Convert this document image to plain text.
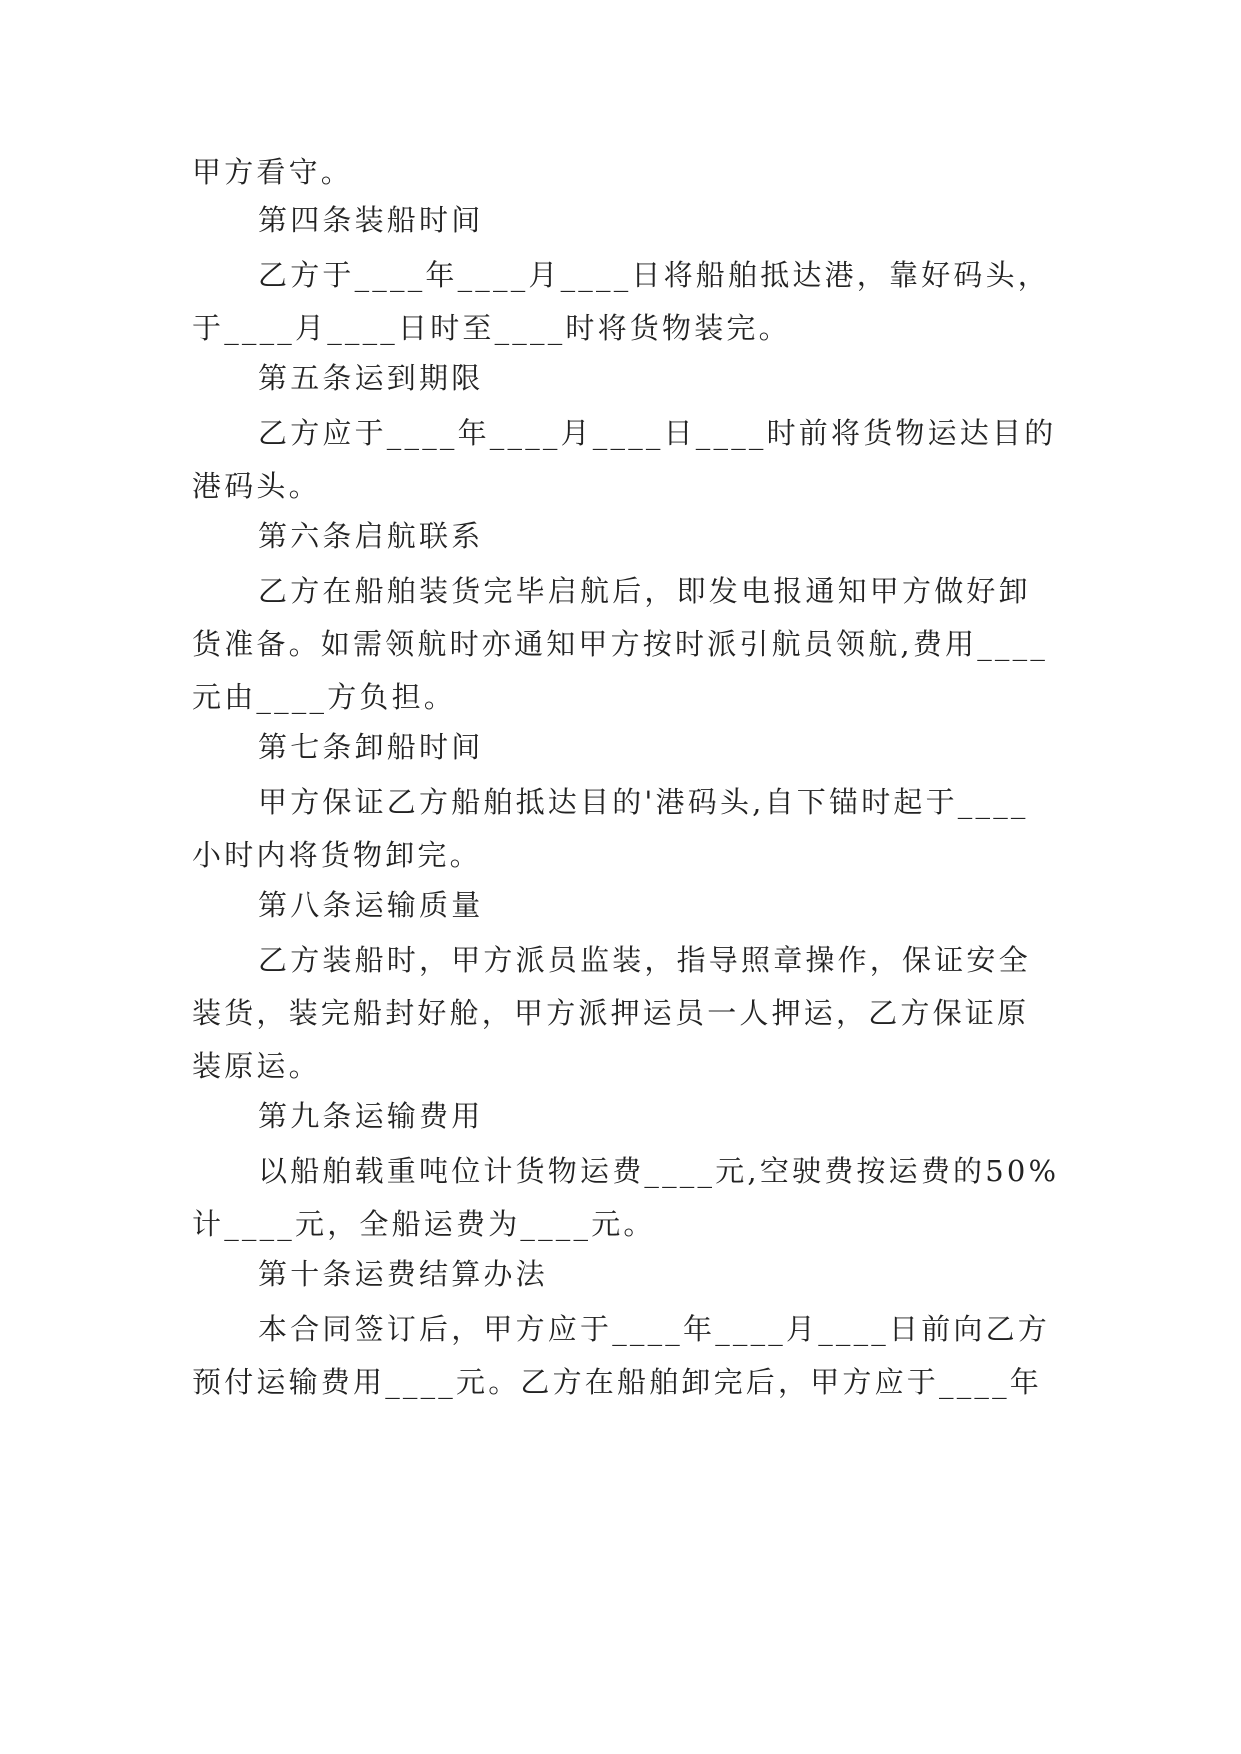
甲方看守。
第四条装船时间
乙方于____年____月____日将船舶抵达港，靠好码头，
于____月____日时至____时将货物装完。
第五条运到期限
乙方应于____年____月____日____时前将货物运达目的
港码头。
第六条启航联系
乙方在船舶装货完毕启航后，即发电报通知甲方做好卸
货准备。如需领航时亦通知甲方按时派引航员领航,费用____
元由____方负担。
第七条卸船时间
甲方保证乙方船舶抵达目的'港码头,自下锚时起于____
小时内将货物卸完。
第八条运输质量
乙方装船时，甲方派员监装，指导照章操作，保证安全
装货，装完船封好舱，甲方派押运员一人押运，乙方保证原
装原运。
第九条运输费用
以船舶载重吨位计货物运费____元,空驶费按运费的50%
计____元，全船运费为____元。
第十条运费结算办法
本合同签订后，甲方应于____年____月____日前向乙方
预付运输费用____元。乙方在船舶卸完后，甲方应于____年
